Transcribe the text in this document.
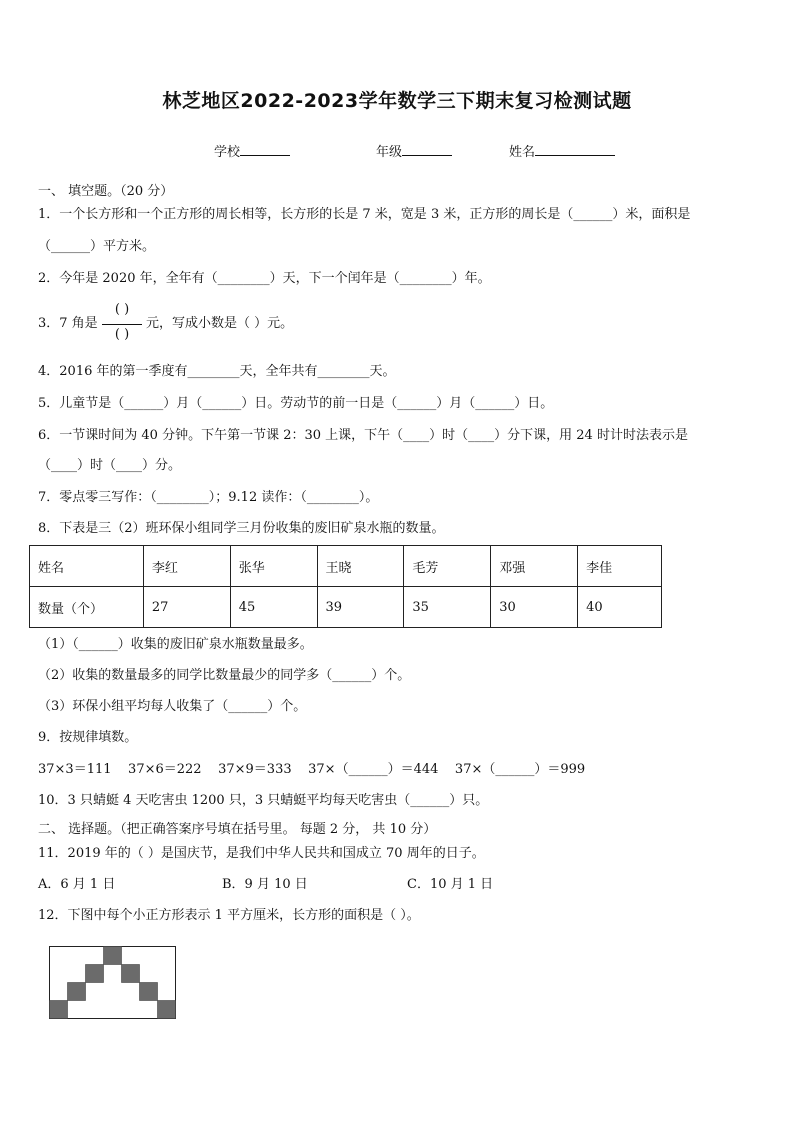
林芝地区2022-2023学年数学三下期末复习检测试题
学校	年级	姓名
一、 填空题。（20 分）
1．一个长方形和一个正方形的周长相等，长方形的长是 7 米，宽是 3 米，正方形的周长是（______）米，面积是
（______）平方米。
2．今年是 2020 年，全年有（________）天，下一个闰年是（________）年。
3．7 角是
( )
( )
元，写成小数是（ ）元。
4．2016 年的第一季度有________天，全年共有________天。
5．儿童节是（______）月（______）日。劳动节的前一日是（______）月（______）日。
6．一节课时间为 40 分钟。下午第一节课 2：30 上课，下午（____）时（____）分下课，用 24 时计时法表示是
（____）时（____）分。
7．零点零三写作：（________）；9.12 读作：（________）。
8．下表是三（2）班环保小组同学三月份收集的废旧矿泉水瓶的数量。
姓名	李红	张华	王晓	毛芳	邓强	李佳
数量（个）	27	45	39	35	30	40
（1）（______）收集的废旧矿泉水瓶数量最多。
（2）收集的数量最多的同学比数量最少的同学多（______）个。
（3）环保小组平均每人收集了（______）个。
9．按规律填数。
37×3＝111    37×6＝222    37×9＝333    37×（______）＝444    37×（______）＝999
10．3 只蜻蜓 4 天吃害虫 1200 只，3 只蜻蜓平均每天吃害虫（______）只。
二、 选择题。（把正确答案序号填在括号里。 每题 2 分， 共 10 分）
11．2019 年的（ ）是国庆节，是我们中华人民共和国成立 70 周年的日子。
A．6 月 1 日	B．9 月 10 日	C．10 月 1 日
12．下图中每个小正方形表示 1 平方厘米，长方形的面积是（ ）。
